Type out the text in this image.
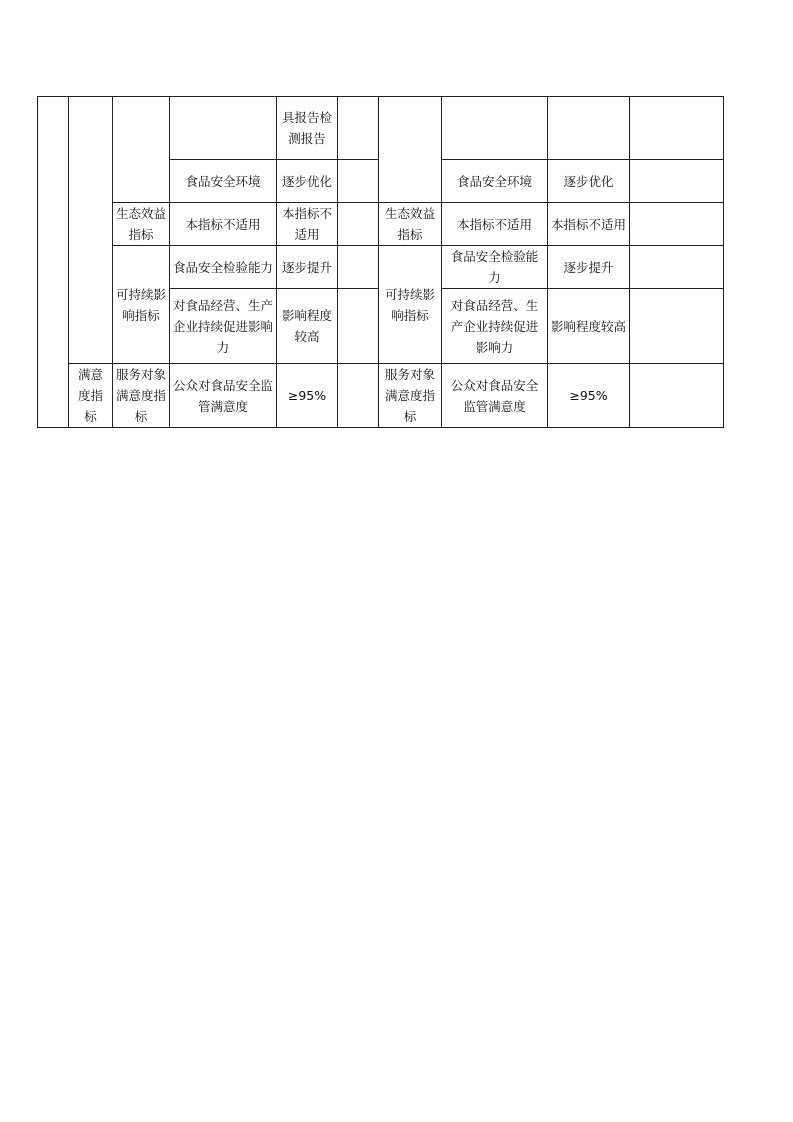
				具报告检测报告					
			食品安全环境	逐步优化			食品安全环境	逐步优化	
		生态效益指标	本指标不适用	本指标不适用		生态效益指标	本指标不适用	本指标不适用	
		可持续影响指标	食品安全检验能力	逐步提升		可持续影响指标	食品安全检验能力	逐步提升	
			对食品经营、生产企业持续促进影响力	影响程度较高			对食品经营、生产企业持续促进影响力	影响程度较高	
	满意度指标	服务对象满意度指标	公众对食品安全监管满意度	≥95%		服务对象满意度指标	公众对食品安全监管满意度	≥95%	
